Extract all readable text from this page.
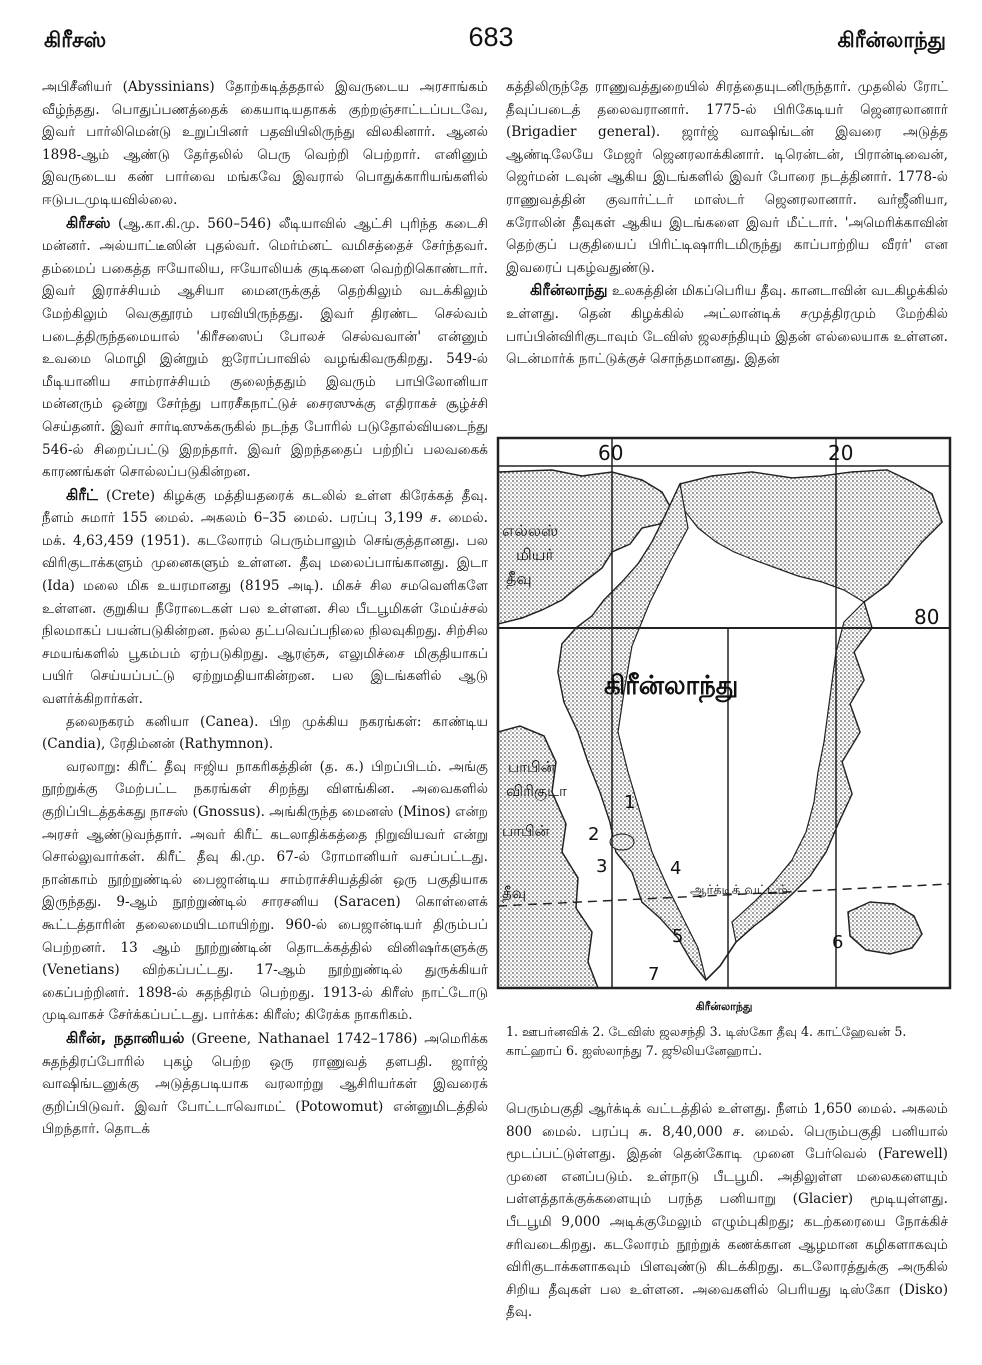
கிரீசஸ்	683	கிரீன்லாந்து

அபிசீனியர் (Abyssinians) தோற்கடித்ததால் இவருடைய அரசாங்கம் வீழ்ந்தது. பொதுப்பணத்தைக் கையாடியதாகக் குற்றஞ்சாட்டப்படவே, இவர் பார்லிமென்டு உறுப்பினர் பதவியிலிருந்து விலகினார். ஆனல் 1898-ஆம் ஆண்டு தேர்தலில் பெரு வெற்றி பெற்றார். எனினும் இவருடைய கண் பார்வை மங்கவே இவரால் பொதுக்காரியங்களில் ஈடுபடமுடியவில்லை.

கிரீசஸ் (ஆ.கா.கி.மு. 560–546) லீடியாவில் ஆட்சி புரிந்த கடைசி மன்னர். அல்யாட்டீஸின் புதல்வர். மெர்ம்னட் வமிசத்தைச் சேர்ந்தவர். தம்மைப் பகைத்த ஈயோலிய, ஈயோலியக் குடிகளை வெற்றிகொண்டார். இவர் இராச்சியம் ஆசியா மைனருக்குத் தெற்கிலும் வடக்கிலும் மேற்கிலும் வெகுதூரம் பரவியிருந்தது. இவர் திரண்ட செல்வம் படைத்திருந்தமையால் 'கிரீசஸைப் போலச் செல்வவான்' என்னும் உவமை மொழி இன்றும் ஐரோப்பாவில் வழங்கிவருகிறது. 549-ல் மீடியானிய சாம்ராச்சியம் குலைந்ததும் இவரும் பாபிலோனியா மன்னரும் ஒன்று சேர்ந்து பாரசீகநாட்டுச் சைரஸுக்கு எதிராகச் சூழ்ச்சி செய்தனர். இவர் சார்டிஸுக்கருகில் நடந்த போரில் படுதோல்வியடைந்து 546-ல் சிறைப்பட்டு இறந்தார். இவர் இறந்ததைப் பற்றிப் பலவகைக் காரணங்கள் சொல்லப்படுகின்றன.

கிரீட் (Crete) கிழக்கு மத்தியதரைக் கடலில் உள்ள கிரேக்கத் தீவு. நீளம் சுமார் 155 மைல். அகலம் 6–35 மைல். பரப்பு 3,199 ச. மைல். மக். 4,63,459 (1951). கடலோரம் பெரும்பாலும் செங்குத்தானது. பல விரிகுடாக்களும் முனைகளும் உள்ளன. தீவு மலைப்பாங்கானது. இடா (Ida) மலை மிக உயரமானது (8195 அடி). மிகச் சில சமவெளிகளே உள்ளன. குறுகிய நீரோடைகள் பல உள்ளன. சில பீடபூமிகள் மேய்ச்சல் நிலமாகப் பயன்படுகின்றன. நல்ல தட்பவெப்பநிலை நிலவுகிறது. சிற்சில சமயங்களில் பூகம்பம் ஏற்படுகிறது. ஆரஞ்சு, எலுமிச்சை மிகுதியாகப் பயிர் செய்யப்பட்டு ஏற்றுமதியாகின்றன. பல இடங்களில் ஆடு வளர்க்கிறார்கள்.

தலைநகரம் கனியா (Canea). பிற முக்கிய நகரங்கள்: காண்டிய (Candia), ரேதிம்னன் (Rathymnon).

வரலாறு: கிரீட் தீவு ஈஜிய நாகரிகத்தின் (த. க.) பிறப்பிடம். அங்கு நூற்றுக்கு மேற்பட்ட நகரங்கள் சிறந்து விளங்கின. அவைகளில் குறிப்பிடத்தக்கது நாசஸ் (Gnossus). அங்கிருந்த மைனஸ் (Minos) என்ற அரசர் ஆண்டுவந்தார். அவர் கிரீட் கடலாதிக்கத்தை நிறுவியவர் என்று சொல்லுவார்கள். கிரீட் தீவு கி.மு. 67-ல் ரோமானியர் வசப்பட்டது. நான்காம் நூற்றுண்டில் பைஜான்டிய சாம்ராச்சியத்தின் ஒரு பகுதியாக இருந்தது. 9-ஆம் நூற்றுண்டில் சாரசனிய (Saracen) கொள்ளைக் கூட்டத்தாரின் தலைமையிடமாயிற்று. 960-ல் பைஜான்டியர் திரும்பப் பெற்றனர். 13 ஆம் நூற்றுண்டின் தொடக்கத்தில் வினிஷர்களுக்கு (Venetians) விற்கப்பட்டது. 17-ஆம் நூற்றுண்டில் துருக்கியர் கைப்பற்றினர். 1898-ல் சுதந்திரம் பெற்றது. 1913-ல் கிரீஸ் நாட்டோடு முடிவாகச் சேர்க்கப்பட்டது. பார்க்க: கிரீஸ்; கிரேக்க நாகரிகம்.

கிரீன், நதானியல் (Greene, Nathanael 1742–1786) அமெரிக்க சுதந்திரப்போரில் புகழ் பெற்ற ஒரு ராணுவத் தளபதி. ஜார்ஜ் வாஷிங்டனுக்கு அடுத்தபடியாக வரலாற்று ஆசிரியர்கள் இவரைக் குறிப்பிடுவர். இவர் போட்டாவொமட் (Potowomut) என்னுமிடத்தில் பிறந்தார். தொடக்

கத்திலிருந்தே ராணுவத்துறையில் சிரத்தையுடனிருந்தார். முதலில் ரோட் தீவுப்படைத் தலைவரானார். 1775-ல் பிரிகேடியர் ஜெனரலானார் (Brigadier general). ஜார்ஜ் வாஷிங்டன் இவரை அடுத்த ஆண்டிலேயே மேஜர் ஜெனரலாக்கினார். டிரென்டன், பிரான்டிவைன், ஜெர்மன் டவுன் ஆகிய இடங்களில் இவர் போரை நடத்தினார். 1778-ல் ராணுவத்தின் குவார்ட்டர் மாஸ்டர் ஜெனரலானார். வர்ஜீனியா, கரோலின் தீவுகள் ஆகிய இடங்களை இவர் மீட்டார். 'அமெரிக்காவின் தெற்குப் பகுதியைப் பிரிட்டிஷாரிடமிருந்து காப்பாற்றிய வீரர்' என இவரைப் புகழ்வதுண்டு.

கிரீன்லாந்து உலகத்தின் மிகப்பெரிய தீவு. கானடாவின் வடகிழக்கில் உள்ளது. தென் கிழக்கில் அட்லான்டிக் சமுத்திரமும் மேற்கில் பாப்பின்விரிகுடாவும் டேவிஸ் ஜலசந்தியும் இதன் எல்லையாக உள்ளன. டென்மார்க் நாட்டுக்குச் சொந்தமானது. இதன்

60	20
80
கிரீன்லாந்து
எல்லஸ்
மியர்
தீவு
பாபின்
விரிகுடா
பாபின்
தீவு	ஆர்க்டிக் வட்டம்
1
2
3	4
5	6
7
கிரீன்லாந்து
1. ஊபர்னவிக் 2. டேவிஸ் ஜலசந்தி 3. டிஸ்கோ தீவு 4. காட்ஹேவன் 5. காட்ஹாப் 6. ஐஸ்லாந்து 7. ஜூலியனேஹாப்.

பெரும்பகுதி ஆர்க்டிக் வட்டத்தில் உள்ளது. நீளம் 1,650 மைல். அகலம் 800 மைல். பரப்பு சு. 8,40,000 ச. மைல். பெரும்பகுதி பனியால் மூடப்பட்டுள்ளது. இதன் தென்கோடி முனை பேர்வெல் (Farewell) முனை எனப்படும். உள்நாடு பீடபூமி. அதிலுள்ள மலைகளையும் பள்ளத்தாக்குக்களையும் பரந்த பனியாறு (Glacier) மூடியுள்ளது. பீடபூமி 9,000 அடிக்குமேலும் எழும்புகிறது; கடற்கரையை நோக்கிச் சரிவடைகிறது. கடலோரம் நூற்றுக் கணக்கான ஆழமான கழிகளாகவும் விரிகுடாக்களாகவும் பிளவுண்டு கிடக்கிறது. கடலோரத்துக்கு அருகில் சிறிய தீவுகள் பல உள்ளன. அவைகளில் பெரியது டிஸ்கோ (Disko) தீவு.
